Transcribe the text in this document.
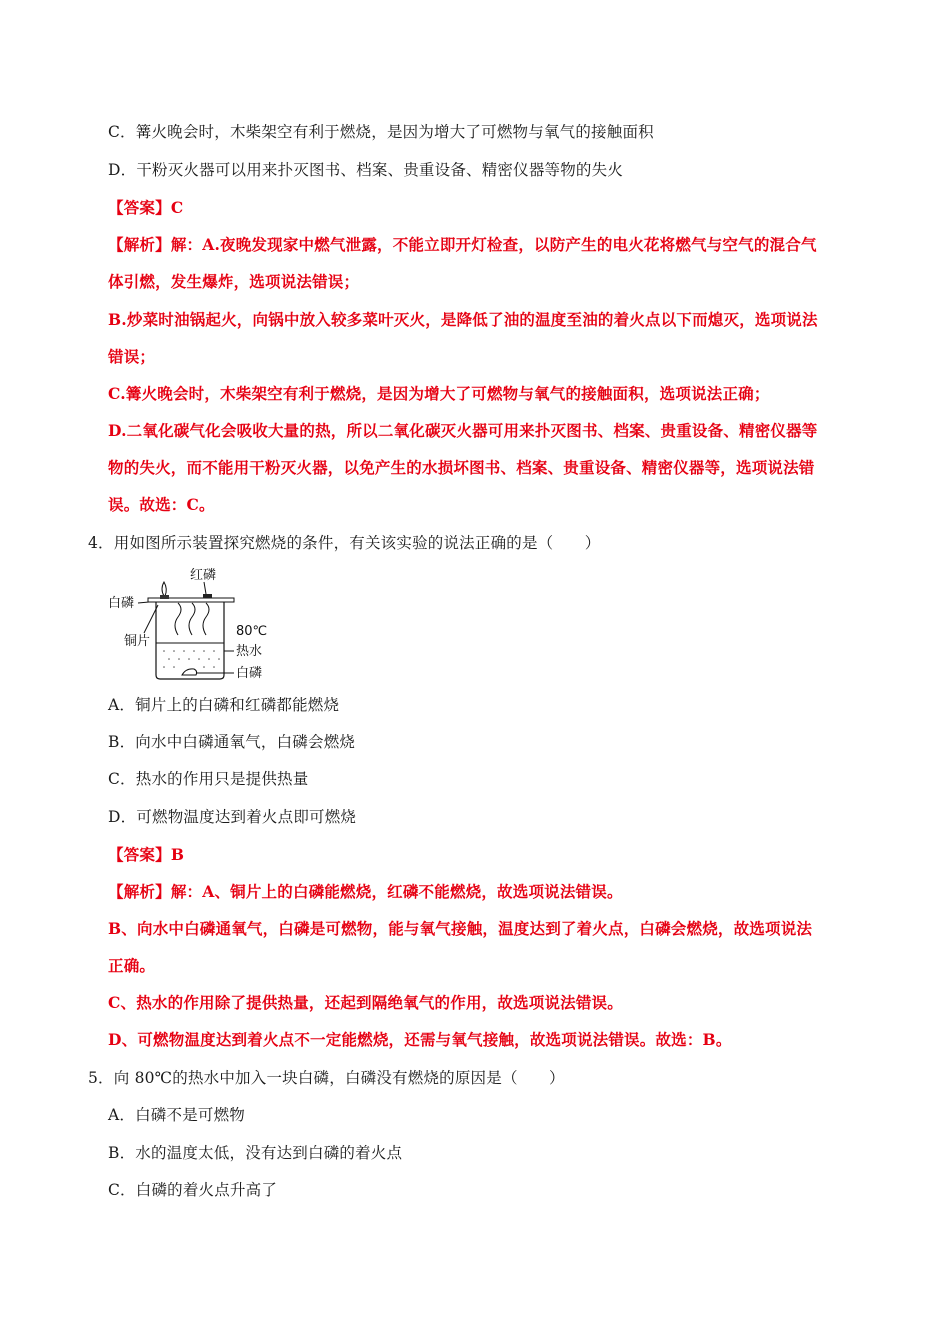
C．篝火晚会时，木柴架空有利于燃烧，是因为增大了可燃物与氧气的接触面积
D．干粉灭火器可以用来扑灭图书、档案、贵重设备、精密仪器等物的失火
【答案】C
【解析】解：A.夜晚发现家中燃气泄露，不能立即开灯检查，以防产生的电火花将燃气与空气的混合气
体引燃，发生爆炸，选项说法错误；
B.炒菜时油锅起火，向锅中放入较多菜叶灭火，是降低了油的温度至油的着火点以下而熄灭，选项说法
错误；
C.篝火晚会时，木柴架空有利于燃烧，是因为增大了可燃物与氧气的接触面积，选项说法正确；
D.二氧化碳气化会吸收大量的热，所以二氧化碳灭火器可用来扑灭图书、档案、贵重设备、精密仪器等
物的失火，而不能用干粉灭火器，以免产生的水损坏图书、档案、贵重设备、精密仪器等，选项说法错
误。故选：C。
4．用如图所示装置探究燃烧的条件，有关该实验的说法正确的是（　　）
红磷
白磷
铜片
80℃
热水
白磷
A．铜片上的白磷和红磷都能燃烧
B．向水中白磷通氧气，白磷会燃烧
C．热水的作用只是提供热量
D．可燃物温度达到着火点即可燃烧
【答案】B
【解析】解：A、铜片上的白磷能燃烧，红磷不能燃烧，故选项说法错误。
B、向水中白磷通氧气，白磷是可燃物，能与氧气接触，温度达到了着火点，白磷会燃烧，故选项说法
正确。
C、热水的作用除了提供热量，还起到隔绝氧气的作用，故选项说法错误。
D、可燃物温度达到着火点不一定能燃烧，还需与氧气接触，故选项说法错误。故选：B。
5．向 80℃的热水中加入一块白磷，白磷没有燃烧的原因是（　　）
A．白磷不是可燃物
B．水的温度太低，没有达到白磷的着火点
C．白磷的着火点升高了
